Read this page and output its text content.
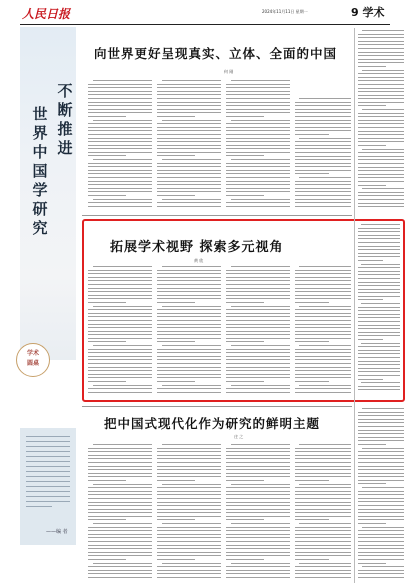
人民日报	2024年11月11日 星期一	9 学术
不
断
推
进
世
界
中
国
学
研
究
学术
圆桌
——编 者
向世界更好呈现真实、立体、全面的中国
何 刚
拓展学术视野 探索多元视角
黄 欣
把中国式现代化作为研究的鲜明主题
庄 之
